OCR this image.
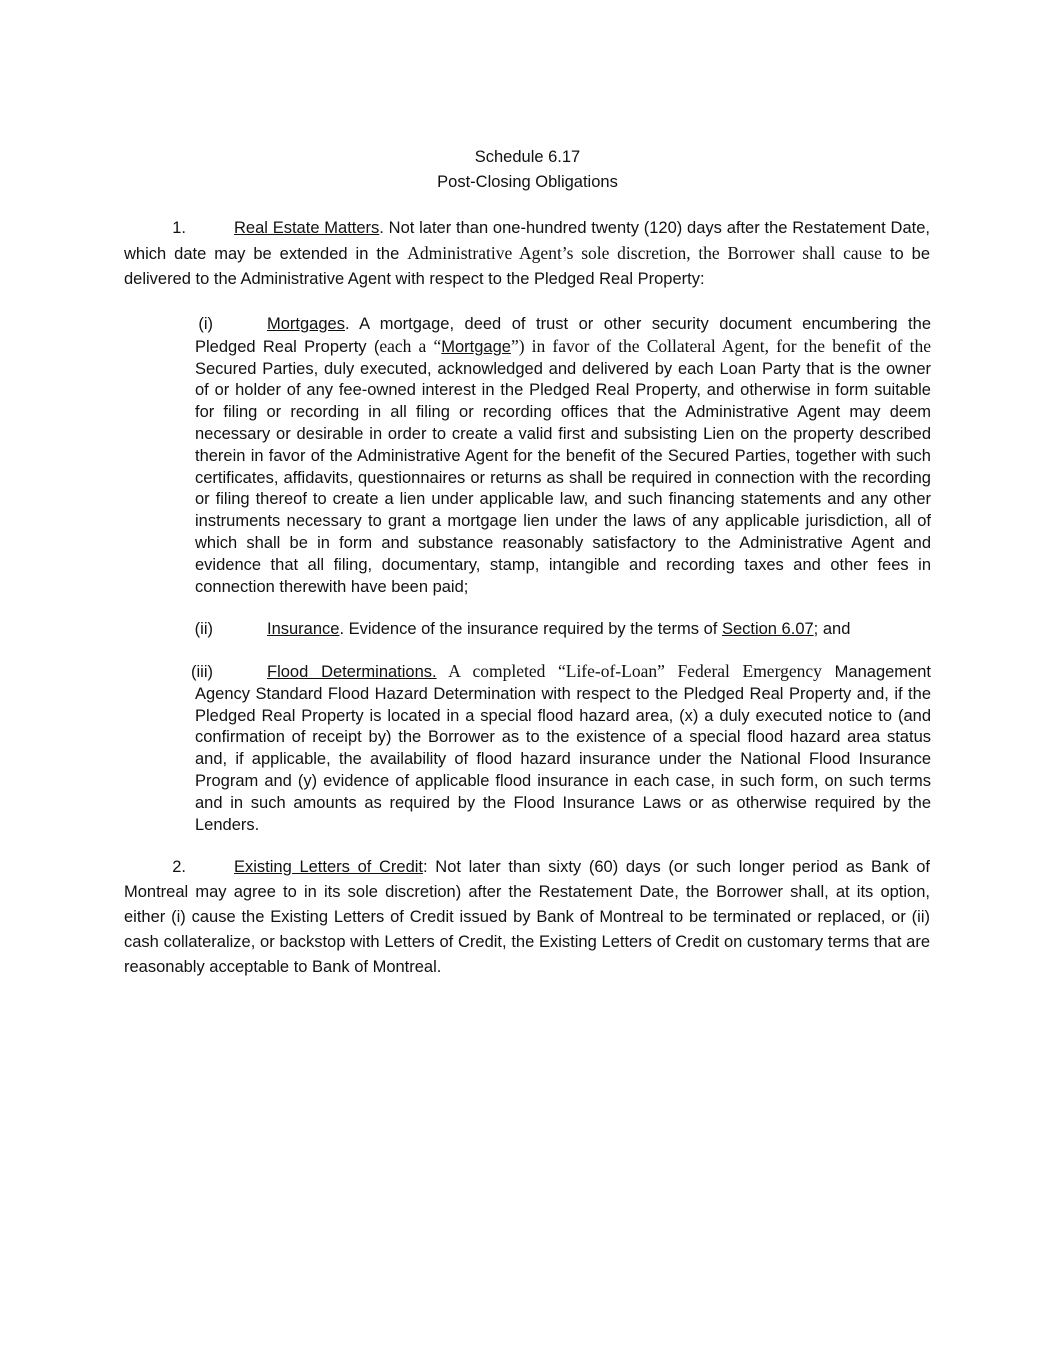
Schedule 6.17
Post-Closing Obligations
1.	Real Estate Matters. Not later than one-hundred twenty (120) days after the Restatement Date, which date may be extended in the Administrative Agent’s sole discretion, the Borrower shall cause to be delivered to the Administrative Agent with respect to the Pledged Real Property:
(i)	Mortgages. A mortgage, deed of trust or other security document encumbering the Pledged Real Property (each a “Mortgage”) in favor of the Collateral Agent, for the benefit of the Secured Parties, duly executed, acknowledged and delivered by each Loan Party that is the owner of or holder of any fee-owned interest in the Pledged Real Property, and otherwise in form suitable for filing or recording in all filing or recording offices that the Administrative Agent may deem necessary or desirable in order to create a valid first and subsisting Lien on the property described therein in favor of the Administrative Agent for the benefit of the Secured Parties, together with such certificates, affidavits, questionnaires or returns as shall be required in connection with the recording or filing thereof to create a lien under applicable law, and such financing statements and any other instruments necessary to grant a mortgage lien under the laws of any applicable jurisdiction, all of which shall be in form and substance reasonably satisfactory to the Administrative Agent and evidence that all filing, documentary, stamp, intangible and recording taxes and other fees in connection therewith have been paid;
(ii)	Insurance. Evidence of the insurance required by the terms of Section 6.07; and
(iii)	Flood Determinations. A completed “Life-of-Loan” Federal Emergency Management Agency Standard Flood Hazard Determination with respect to the Pledged Real Property and, if the Pledged Real Property is located in a special flood hazard area, (x) a duly executed notice to (and confirmation of receipt by) the Borrower as to the existence of a special flood hazard area status and, if applicable, the availability of flood hazard insurance under the National Flood Insurance Program and (y) evidence of applicable flood insurance in each case, in such form, on such terms and in such amounts as required by the Flood Insurance Laws or as otherwise required by the Lenders.
2.	Existing Letters of Credit: Not later than sixty (60) days (or such longer period as Bank of Montreal may agree to in its sole discretion) after the Restatement Date, the Borrower shall, at its option, either (i) cause the Existing Letters of Credit issued by Bank of Montreal to be terminated or replaced, or (ii) cash collateralize, or backstop with Letters of Credit, the Existing Letters of Credit on customary terms that are reasonably acceptable to Bank of Montreal.
